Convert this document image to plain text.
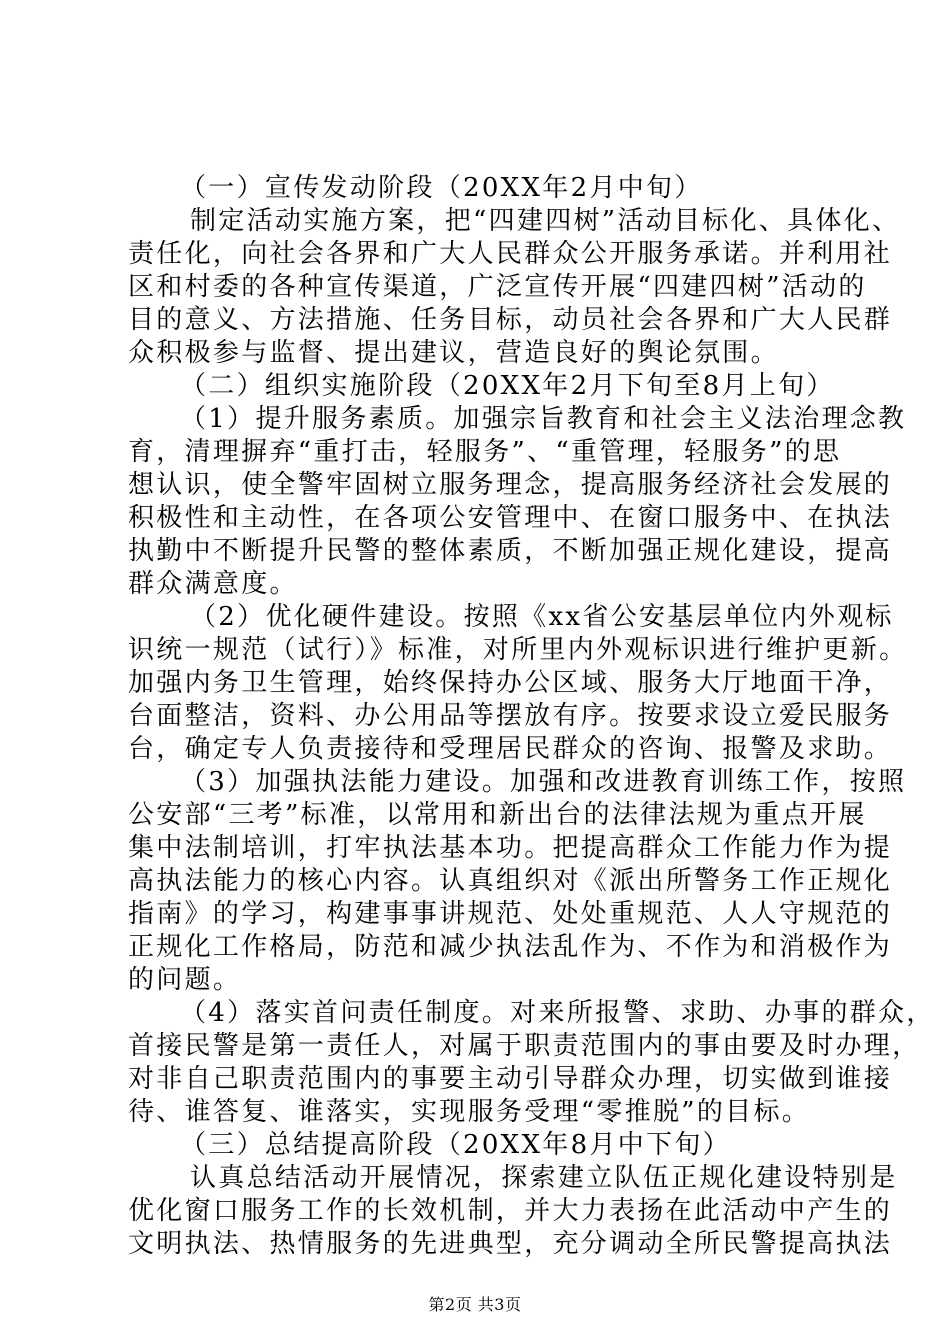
（一）宣传发动阶段（20XX年2月中旬）
制定活动实施方案，把“四建四树”活动目标化、具体化、
责任化，向社会各界和广大人民群众公开服务承诺。并利用社
区和村委的各种宣传渠道，广泛宣传开展“四建四树”活动的
目的意义、方法措施、任务目标，动员社会各界和广大人民群
众积极参与监督、提出建议，营造良好的舆论氛围。
（二）组织实施阶段（20XX年2月下旬至8月上旬）
（1）提升服务素质。加强宗旨教育和社会主义法治理念教
育，清理摒弃“重打击，轻服务”、“重管理，轻服务”的思
想认识，使全警牢固树立服务理念，提高服务经济社会发展的
积极性和主动性，在各项公安管理中、在窗口服务中、在执法
执勤中不断提升民警的整体素质，不断加强正规化建设，提高
群众满意度。
（2）优化硬件建设。按照《xx省公安基层单位内外观标
识统一规范（试行）》标准，对所里内外观标识进行维护更新。
加强内务卫生管理，始终保持办公区域、服务大厅地面干净，
台面整洁，资料、办公用品等摆放有序。按要求设立爱民服务
台，确定专人负责接待和受理居民群众的咨询、报警及求助。
（3）加强执法能力建设。加强和改进教育训练工作，按照
公安部“三考”标准，以常用和新出台的法律法规为重点开展
集中法制培训，打牢执法基本功。把提高群众工作能力作为提
高执法能力的核心内容。认真组织对《派出所警务工作正规化
指南》的学习，构建事事讲规范、处处重规范、人人守规范的
正规化工作格局，防范和减少执法乱作为、不作为和消极作为
的问题。
（4）落实首问责任制度。对来所报警、求助、办事的群众，
首接民警是第一责任人，对属于职责范围内的事由要及时办理，
对非自己职责范围内的事要主动引导群众办理，切实做到谁接
待、谁答复、谁落实，实现服务受理“零推脱”的目标。
（三）总结提高阶段（20XX年8月中下旬）
认真总结活动开展情况，探索建立队伍正规化建设特别是
优化窗口服务工作的长效机制，并大力表扬在此活动中产生的
文明执法、热情服务的先进典型，充分调动全所民警提高执法
第2页 共3页
